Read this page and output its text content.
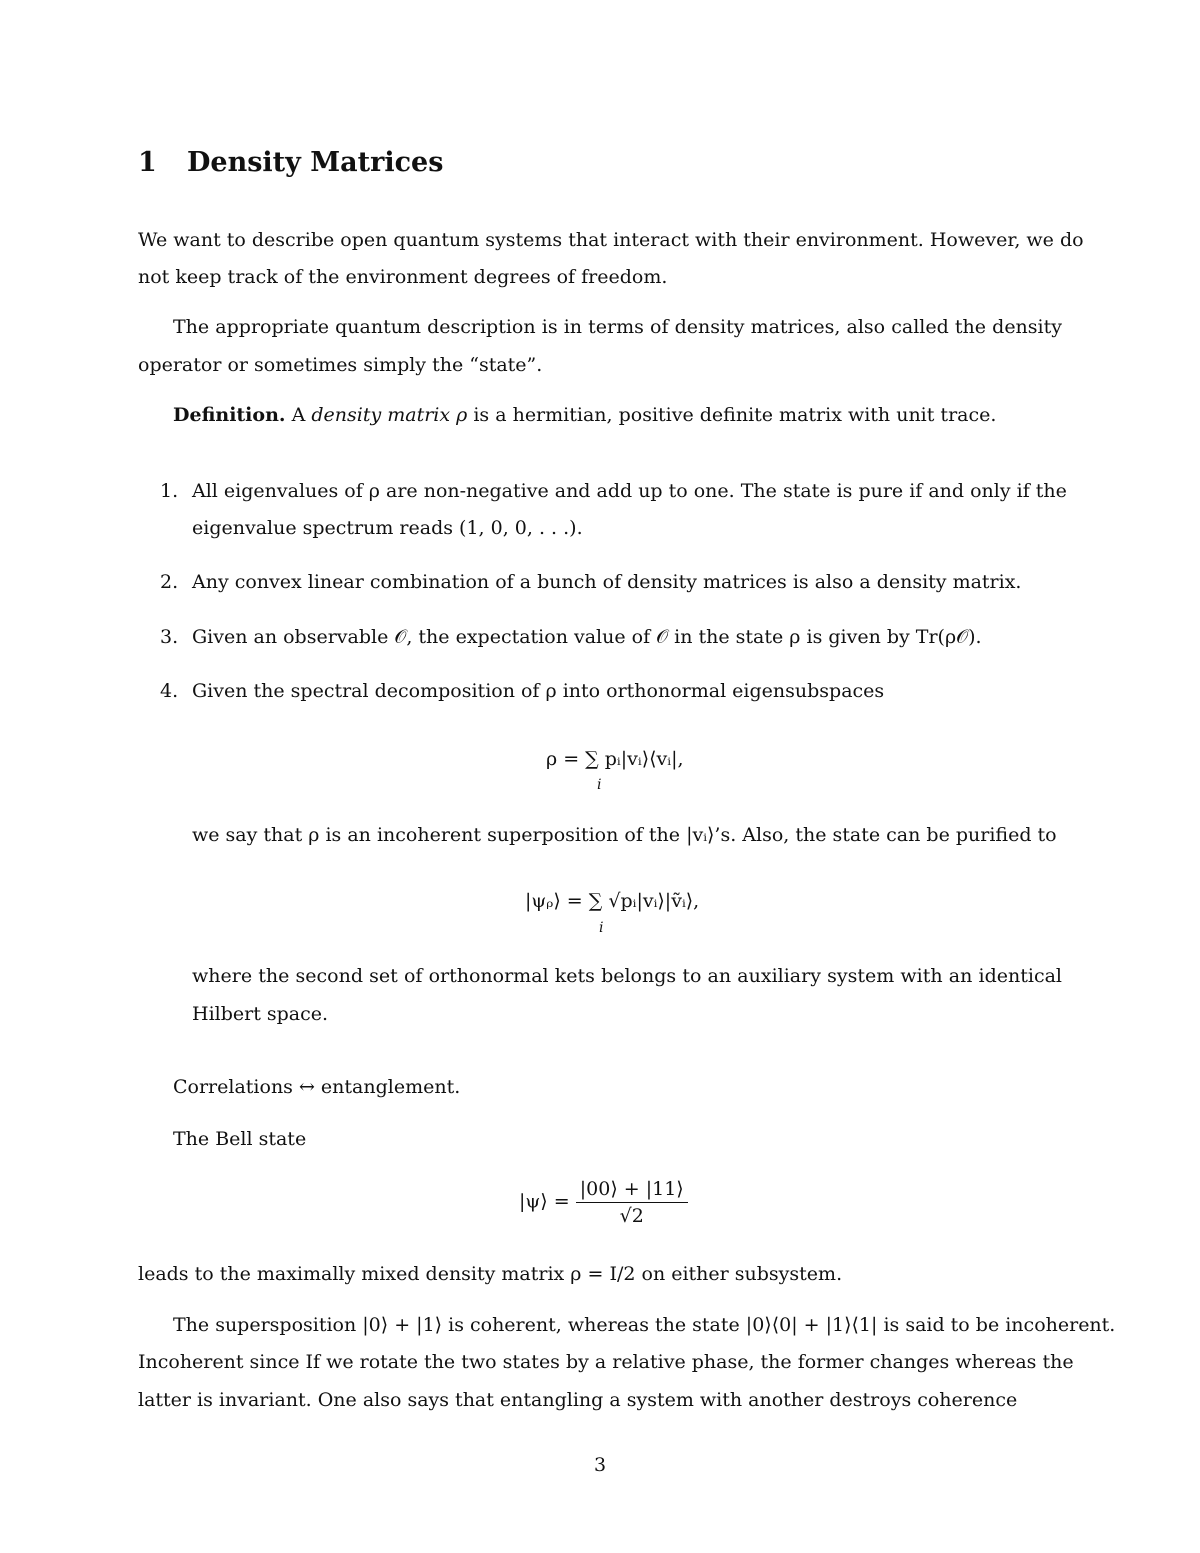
1 Density Matrices
We want to describe open quantum systems that interact with their environment. However, we do
not keep track of the environment degrees of freedom.
The appropriate quantum description is in terms of density matrices, also called the density
operator or sometimes simply the “state”.
Definition. A density matrix ρ is a hermitian, positive definite matrix with unit trace.
1. All eigenvalues of ρ are non-negative and add up to one. The state is pure if and only if the
eigenvalue spectrum reads (1, 0, 0, . . .).
2. Any convex linear combination of a bunch of density matrices is also a density matrix.
3. Given an observable 𝒪, the expectation value of 𝒪 in the state ρ is given by Tr(ρ𝒪).
4. Given the spectral decomposition of ρ into orthonormal eigensubspaces
ρ = ∑ pᵢ|vᵢ⟩⟨vᵢ|,
i
we say that ρ is an incoherent superposition of the |vᵢ⟩’s. Also, the state can be purified to
|ψᵨ⟩ = ∑ √pᵢ|vᵢ⟩|ṽᵢ⟩,
i
where the second set of orthonormal kets belongs to an auxiliary system with an identical
Hilbert space.
Correlations ↔ entanglement.
The Bell state
|ψ⟩ = $\frac{|00⟩ + |11⟩}{√2}$
leads to the maximally mixed density matrix ρ = I/2 on either subsystem.
The supersposition |0⟩ + |1⟩ is coherent, whereas the state |0⟩⟨0| + |1⟩⟨1| is said to be incoherent.
Incoherent since If we rotate the two states by a relative phase, the former changes whereas the
latter is invariant. One also says that entangling a system with another destroys coherence
3
